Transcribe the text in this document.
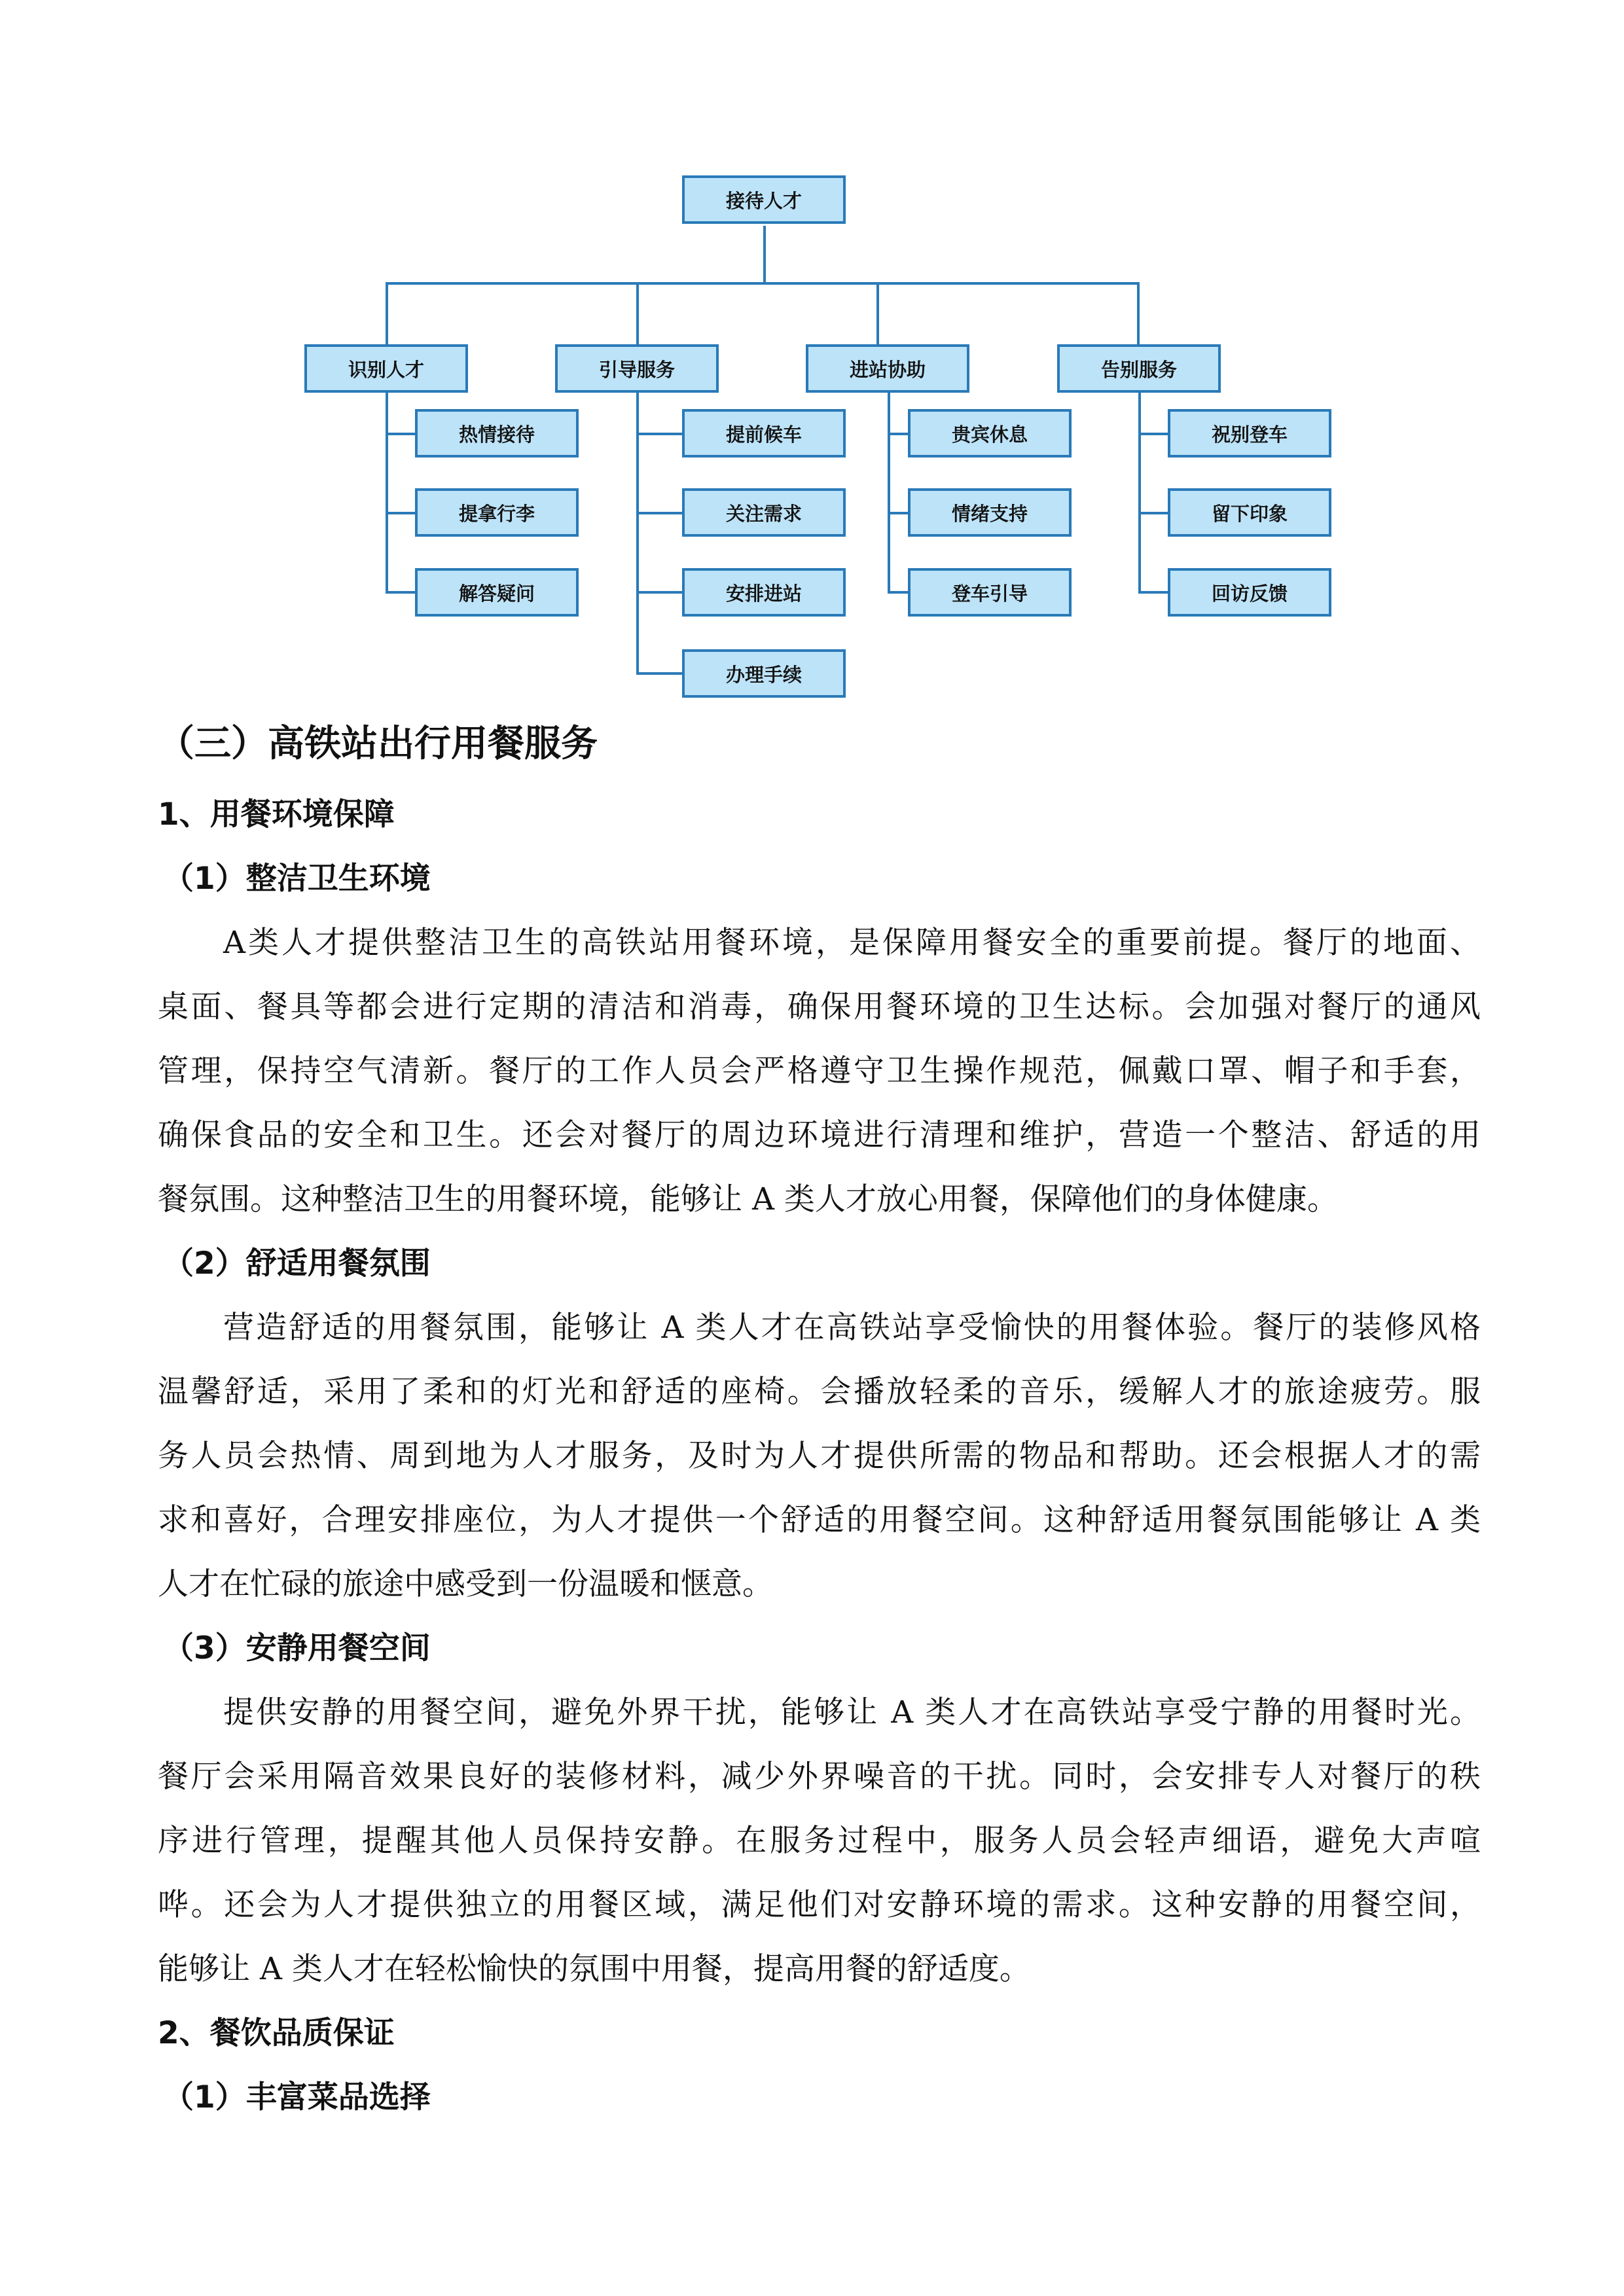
接待人才
识别人才	引导服务	进站协助	告别服务
热情接待
提拿行李
解答疑问
提前候车
关注需求
安排进站
办理手续
贵宾休息
情绪支持
登车引导
祝别登车
留下印象
回访反馈
（三）高铁站出行用餐服务
1、用餐环境保障
（1）整洁卫生环境
A类人才提供整洁卫生的高铁站用餐环境，是保障用餐安全的重要前提。餐厅的地面、
桌面、餐具等都会进行定期的清洁和消毒，确保用餐环境的卫生达标。会加强对餐厅的通风
管理，保持空气清新。餐厅的工作人员会严格遵守卫生操作规范，佩戴口罩、帽子和手套，
确保食品的安全和卫生。还会对餐厅的周边环境进行清理和维护，营造一个整洁、舒适的用
餐氛围。这种整洁卫生的用餐环境，能够让 A 类人才放心用餐，保障他们的身体健康。
（2）舒适用餐氛围
营造舒适的用餐氛围，能够让 A 类人才在高铁站享受愉快的用餐体验。餐厅的装修风格
温馨舒适，采用了柔和的灯光和舒适的座椅。会播放轻柔的音乐，缓解人才的旅途疲劳。服
务人员会热情、周到地为人才服务，及时为人才提供所需的物品和帮助。还会根据人才的需
求和喜好，合理安排座位，为人才提供一个舒适的用餐空间。这种舒适用餐氛围能够让 A 类
人才在忙碌的旅途中感受到一份温暖和惬意。
（3）安静用餐空间
提供安静的用餐空间，避免外界干扰，能够让 A 类人才在高铁站享受宁静的用餐时光。
餐厅会采用隔音效果良好的装修材料，减少外界噪音的干扰。同时，会安排专人对餐厅的秩
序进行管理，提醒其他人员保持安静。在服务过程中，服务人员会轻声细语，避免大声喧
哗。还会为人才提供独立的用餐区域，满足他们对安静环境的需求。这种安静的用餐空间，
能够让 A 类人才在轻松愉快的氛围中用餐，提高用餐的舒适度。
2、餐饮品质保证
（1）丰富菜品选择
